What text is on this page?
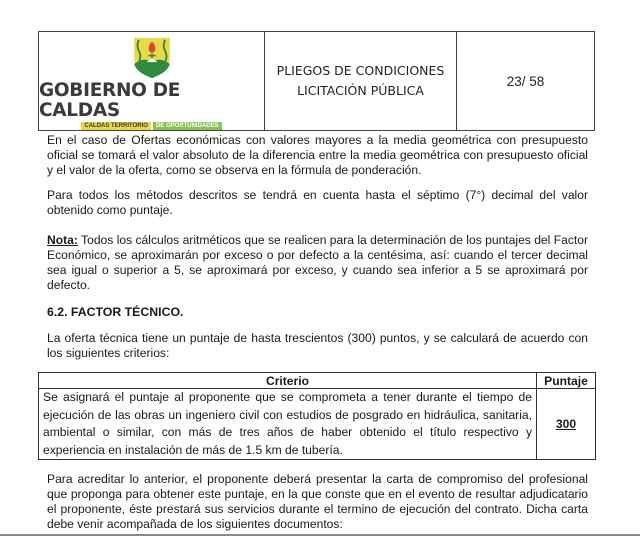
GOBIERNO DE CALDAS
CALDAS TERRITORIO	DE OPORTUNIDADES
PLIEGOS DE CONDICIONES
LICITACIÓN PÚBLICA
23/ 58

En el caso de Ofertas económicas con valores mayores a la media geométrica con presupuesto oficial se tomará el valor absoluto de la diferencia entre la media geométrica con presupuesto oficial y el valor de la oferta, como se observa en la fórmula de ponderación.

Para todos los métodos descritos se tendrá en cuenta hasta el séptimo (7°) decimal del valor obtenido como puntaje.

Nota: Todos los cálculos aritméticos que se realicen para la determinación de los puntajes del Factor Económico, se aproximarán por exceso o por defecto a la centésima, así: cuando el tercer decimal sea igual o superior a 5, se aproximará por exceso, y cuando sea inferior a 5 se aproximará por defecto.

6.2. FACTOR TÉCNICO.

La oferta técnica tiene un puntaje de hasta trescientos (300) puntos, y se calculará de acuerdo con los siguientes criterios:

Criterio	Puntaje
Se asignará el puntaje al proponente que se comprometa a tener durante el tiempo de ejecución de las obras un ingeniero civil con estudios de posgrado en hidráulica, sanitaria, ambiental o similar, con más de tres años de haber obtenido el título respectivo y experiencia en instalación de más de 1.5 km de tubería.	300

Para acreditar lo anterior, el proponente deberá presentar la carta de compromiso del profesional que proponga para obtener este puntaje, en la que conste que en el evento de resultar adjudicatario el proponente, éste prestará sus servicios durante el termino de ejecución del contrato. Dicha carta debe venir acompañada de los siguientes documentos:
